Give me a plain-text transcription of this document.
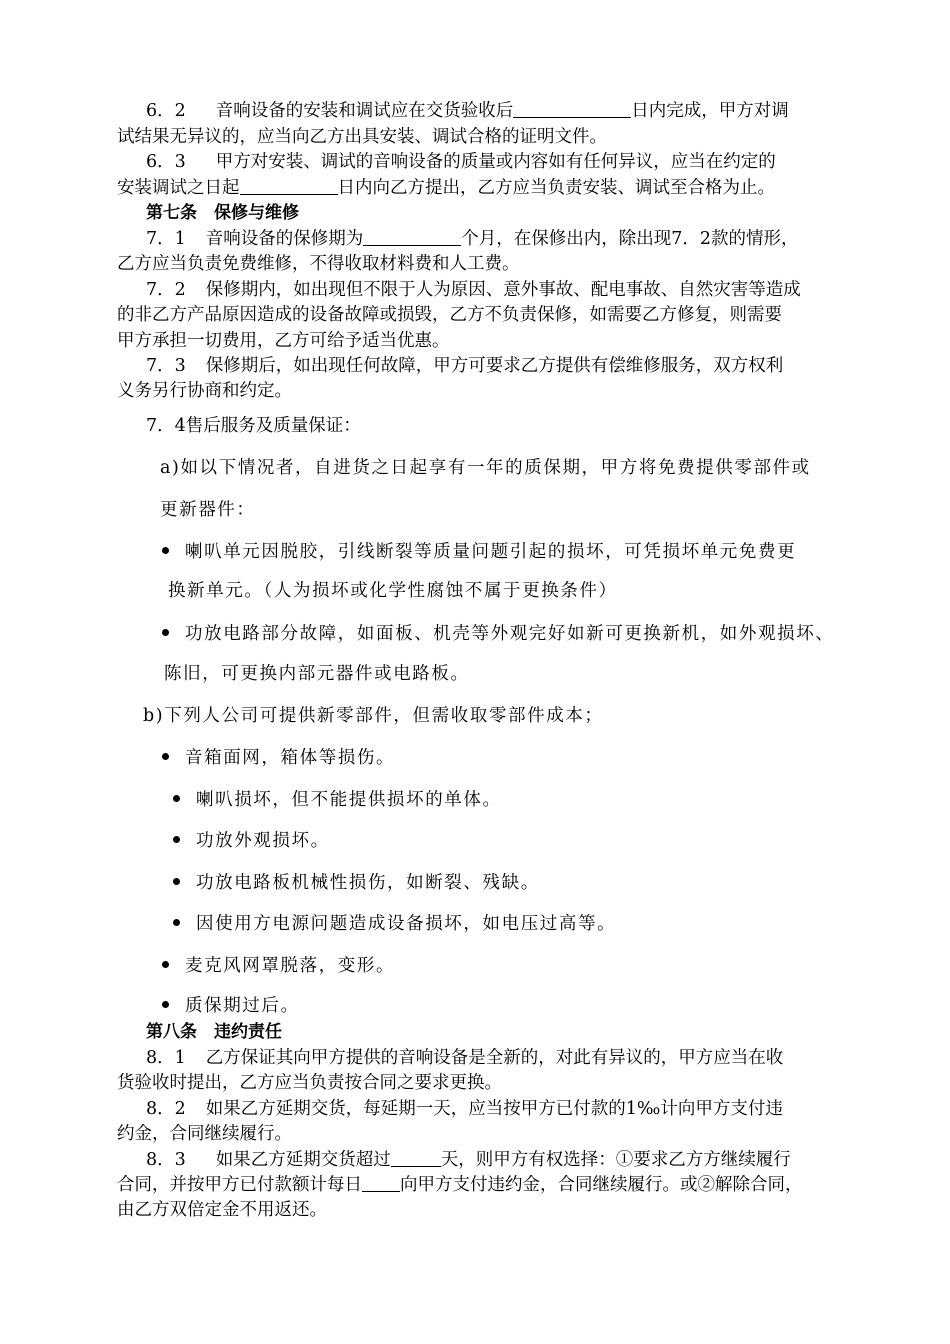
6．2 音响设备的安装和调试应在交货验收后	日内完成，甲方对调
试结果无异议的，应当向乙方出具安装、调试合格的证明文件。
6．3 甲方对安装、调试的音响设备的质量或内容如有任何异议，应当在约定的
安装调试之日起	日内向乙方提出，乙方应当负责安装、调试至合格为止。
第七条　保修与维修
7．1 音响设备的保修期为	个月，在保修出内，除出现7．2款的情形，
乙方应当负责免费维修，不得收取材料费和人工费。
7．2 保修期内，如出现但不限于人为原因、意外事故、配电事故、自然灾害等造成
的非乙方产品原因造成的设备故障或损毁，乙方不负责保修，如需要乙方修复，则需要
甲方承担一切费用，乙方可给予适当优惠。
7．3 保修期后，如出现任何故障，甲方可要求乙方提供有偿维修服务，双方权利
义务另行协商和约定。
7．4售后服务及质量保证：
a)如以下情况者，自进货之日起享有一年的质保期，甲方将免费提供零部件或
更新器件：
喇叭单元因脱胶，引线断裂等质量问题引起的损坏，可凭损坏单元免费更
换新单元。（人为损坏或化学性腐蚀不属于更换条件）
功放电路部分故障，如面板、机壳等外观完好如新可更换新机，如外观损坏、
陈旧，可更换内部元器件或电路板。
b)下列人公司可提供新零部件，但需收取零部件成本；
音箱面网，箱体等损伤。
喇叭损坏，但不能提供损坏的单体。
功放外观损坏。
功放电路板机械性损伤，如断裂、残缺。
因使用方电源问题造成设备损坏，如电压过高等。
麦克风网罩脱落，变形。
质保期过后。
第八条　违约责任
8．1 乙方保证其向甲方提供的音响设备是全新的，对此有异议的，甲方应当在收
货验收时提出，乙方应当负责按合同之要求更换。
8．2 如果乙方延期交货，每延期一天，应当按甲方已付款的1‰计向甲方支付违
约金，合同继续履行。
8．3 如果乙方延期交货超过	天，则甲方有权选择：①要求乙方方继续履行
合同，并按甲方已付款额计每日 向甲方支付违约金，合同继续履行。或②解除合同，
由乙方双倍定金不用返还。
